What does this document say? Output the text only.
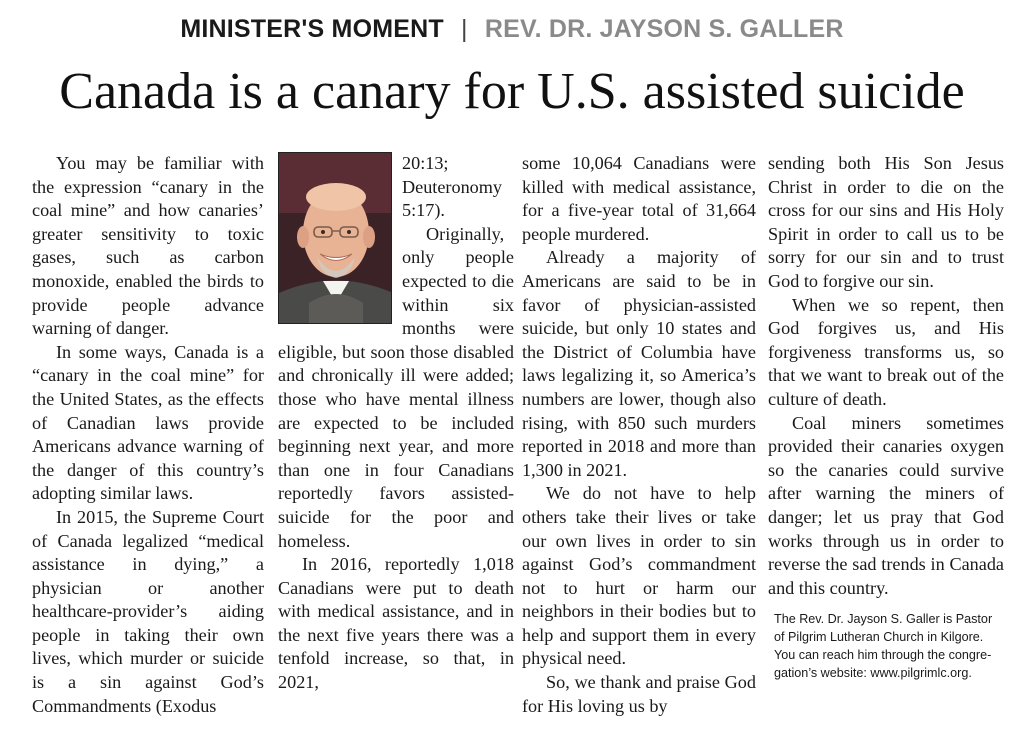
MINISTER'S MOMENT | REV. DR. JAYSON S. GALLER
Canada is a canary for U.S. assisted suicide

You may be familiar with the expression “canary in the coal mine” and how canaries’ greater sensitivity to toxic gases, such as carbon monoxide, enabled the birds to provide people advance warning of danger.

In some ways, Canada is a “canary in the coal mine” for the United States, as the effects of Canadian laws provide Americans advance warning of the danger of this country’s adopting similar laws.

In 2015, the Supreme Court of Canada legalized “medical assistance in dying,” a physician or another healthcare-provider’s aiding people in taking their own lives, which murder or suicide is a sin against God’s Commandments (Exodus

20:13; Deuteronomy 5:17).

Originally, only people expected to die within six months were eligible, but soon those disabled and chronically ill were added; those who have mental illness are expected to be included beginning next year, and more than one in four Canadians reportedly favors assisted-suicide for the poor and homeless.

In 2016, reportedly 1,018 Canadians were put to death with medical assistance, and in the next five years there was a tenfold increase, so that, in 2021,

some 10,064 Canadians were killed with medical assistance, for a five-year total of 31,664 people murdered.

Already a majority of Americans are said to be in favor of physician-assisted suicide, but only 10 states and the District of Columbia have laws legalizing it, so America’s numbers are lower, though also rising, with 850 such murders reported in 2018 and more than 1,300 in 2021.

We do not have to help others take their lives or take our own lives in order to sin against God’s commandment not to hurt or harm our neighbors in their bodies but to help and support them in every physical need.

So, we thank and praise God for His loving us by

sending both His Son Jesus Christ in order to die on the cross for our sins and His Holy Spirit in order to call us to be sorry for our sin and to trust God to forgive our sin.

When we so repent, then God forgives us, and His forgiveness transforms us, so that we want to break out of the culture of death.

Coal miners sometimes provided their canaries oxygen so the canaries could survive after warning the miners of danger; let us pray that God works through us in order to reverse the sad trends in Canada and this country.

The Rev. Dr. Jayson S. Galler is Pastor
of Pilgrim Lutheran Church in Kilgore.
You can reach him through the congre-
gation’s website: www.pilgrimlc.org.
